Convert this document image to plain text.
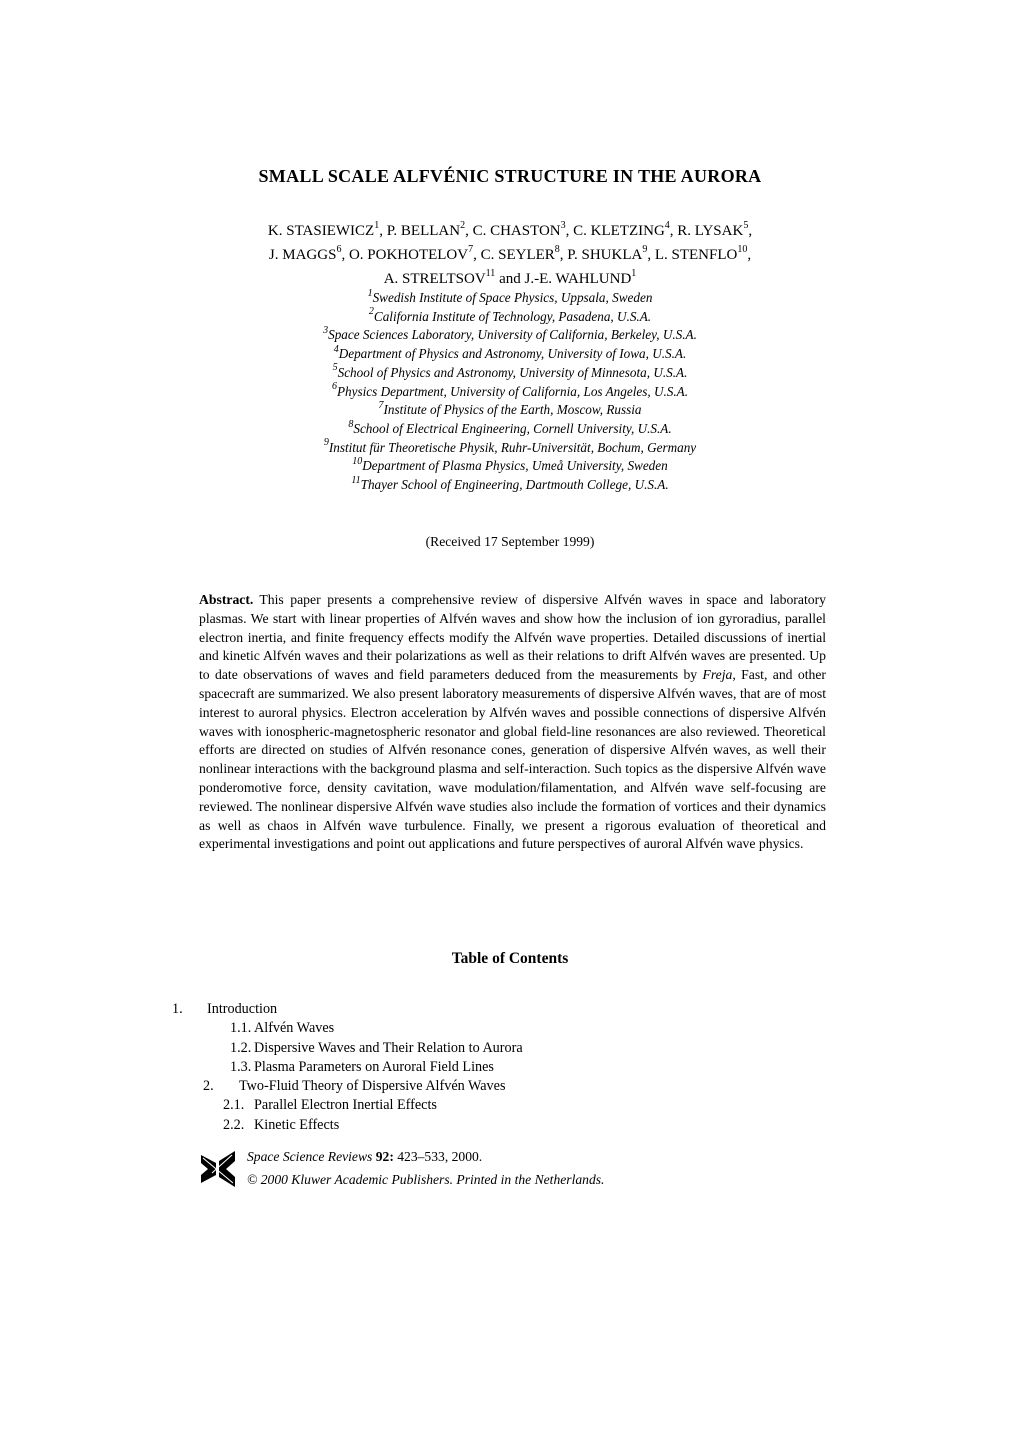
SMALL SCALE ALFVÉNIC STRUCTURE IN THE AURORA
K. STASIEWICZ$^1$, P. BELLAN$^2$, C. CHASTON$^3$, C. KLETZING$^4$, R. LYSAK$^5$,
J. MAGGS$^6$, O. POKHOTELOV$^7$, C. SEYLER$^8$, P. SHUKLA$^9$, L. STENFLO$^{10}$,
A. STRELTSOV$^{11}$ and J.-E. WAHLUND$^1$
$^1$Swedish Institute of Space Physics, Uppsala, Sweden
$^2$California Institute of Technology, Pasadena, U.S.A.
$^3$Space Sciences Laboratory, University of California, Berkeley, U.S.A.
$^4$Department of Physics and Astronomy, University of Iowa, U.S.A.
$^5$School of Physics and Astronomy, University of Minnesota, U.S.A.
$^6$Physics Department, University of California, Los Angeles, U.S.A.
$^7$Institute of Physics of the Earth, Moscow, Russia
$^8$School of Electrical Engineering, Cornell University, U.S.A.
$^9$Institut für Theoretische Physik, Ruhr-Universität, Bochum, Germany
$^{10}$Department of Plasma Physics, Umeå University, Sweden
$^{11}$Thayer School of Engineering, Dartmouth College, U.S.A.
(Received 17 September 1999)
Abstract. This paper presents a comprehensive review of dispersive Alfvén waves in space and laboratory plasmas. We start with linear properties of Alfvén waves and show how the inclusion of ion gyroradius, parallel electron inertia, and finite frequency effects modify the Alfvén wave properties. Detailed discussions of inertial and kinetic Alfvén waves and their polarizations as well as their relations to drift Alfvén waves are presented. Up to date observations of waves and field parameters deduced from the measurements by Freja, Fast, and other spacecraft are summarized. We also present laboratory measurements of dispersive Alfvén waves, that are of most interest to auroral physics. Electron acceleration by Alfvén waves and possible connections of dispersive Alfvén waves with ionospheric-magnetospheric resonator and global field-line resonances are also reviewed. Theoretical efforts are directed on studies of Alfvén resonance cones, generation of dispersive Alfvén waves, as well their nonlinear interactions with the background plasma and self-interaction. Such topics as the dispersive Alfvén wave ponderomotive force, density cavitation, wave modulation/filamentation, and Alfvén wave self-focusing are reviewed. The nonlinear dispersive Alfvén wave studies also include the formation of vortices and their dynamics as well as chaos in Alfvén wave turbulence. Finally, we present a rigorous evaluation of theoretical and experimental investigations and point out applications and future perspectives of auroral Alfvén wave physics.
Table of Contents
1. Introduction
1.1. Alfvén Waves
1.2. Dispersive Waves and Their Relation to Aurora
1.3. Plasma Parameters on Auroral Field Lines
2. Two-Fluid Theory of Dispersive Alfvén Waves
2.1. Parallel Electron Inertial Effects
2.2. Kinetic Effects
Space Science Reviews 92: 423–533, 2000.
© 2000 Kluwer Academic Publishers. Printed in the Netherlands.
